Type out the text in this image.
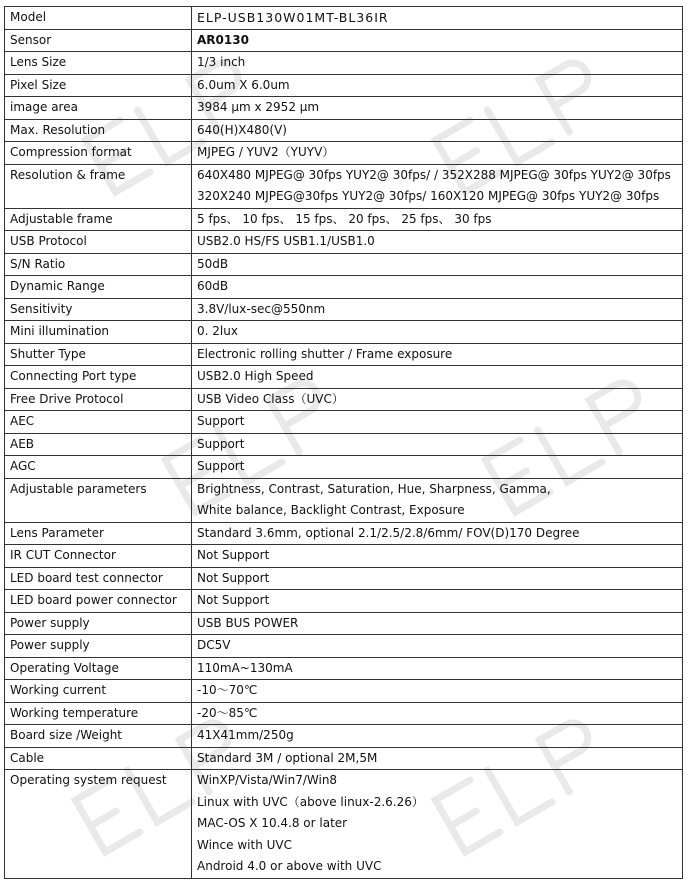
Model	ELP-USB130W01MT-BL36IR

Sensor	AR0130

Lens Size	1/3 inch

Pixel Size	6.0um X 6.0um

image area	3984 µm x 2952 µm

Max. Resolution	640(H)X480(V)

Compression format	MJPEG / YUV2（YUYV）

Resolution & frame	640X480 MJPEG@ 30fps YUY2@ 30fps/ / 352X288 MJPEG@ 30fps YUY2@ 30fps
320X240 MJPEG@30fps YUY2@ 30fps/ 160X120 MJPEG@ 30fps YUY2@ 30fps

Adjustable frame	5 fps、 10 fps、 15 fps、 20 fps、 25 fps、 30 fps

USB Protocol	USB2.0 HS/FS USB1.1/USB1.0

S/N Ratio	50dB

Dynamic Range	60dB

Sensitivity	3.8V/lux-sec@550nm

Mini illumination	0. 2lux

Shutter Type	Electronic rolling shutter / Frame exposure

Connecting Port type	USB2.0 High Speed

Free Drive Protocol	USB Video Class（UVC）

AEC	Support

AEB	Support

AGC	Support

Adjustable parameters	Brightness, Contrast, Saturation, Hue, Sharpness, Gamma,
White balance, Backlight Contrast, Exposure

Lens Parameter	Standard 3.6mm, optional 2.1/2.5/2.8/6mm/ FOV(D)170 Degree

IR CUT Connector	Not Support

LED board test connector	Not Support

LED board power connector	Not Support

Power supply	USB BUS POWER

Power supply	DC5V

Operating Voltage	110mA~130mA

Working current	-10～70℃

Working temperature	-20～85℃

Board size /Weight	41X41mm/250g

Cable	Standard 3M / optional 2M,5M

Operating system request	WinXP/Vista/Win7/Win8
Linux with UVC（above linux-2.6.26）
MAC-OS X 10.4.8 or later
Wince with UVC
Android 4.0 or above with UVC
